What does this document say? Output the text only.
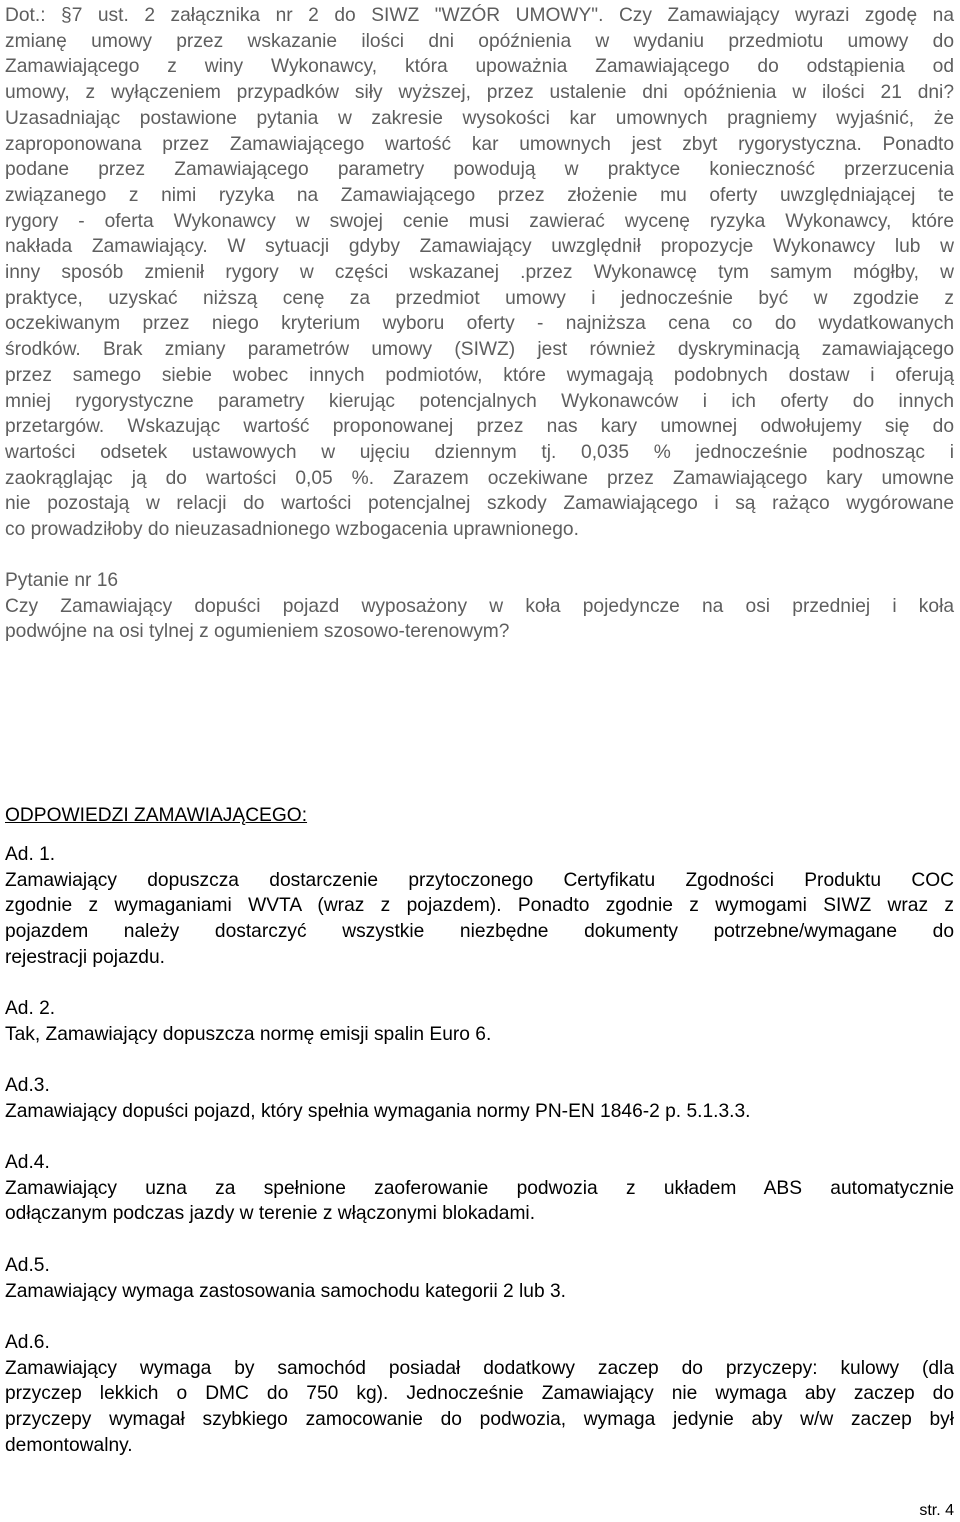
Dot.: §7 ust. 2 załącznika nr 2 do SIWZ "WZÓR UMOWY". Czy Zamawiający wyrazi zgodę na
zmianę umowy przez wskazanie ilości dni opóźnienia w wydaniu przedmiotu umowy do
Zamawiającego z winy Wykonawcy, która upoważnia Zamawiającego do odstąpienia od
umowy, z wyłączeniem przypadków siły wyższej, przez ustalenie dni opóźnienia w ilości 21 dni?
Uzasadniając postawione pytania w zakresie wysokości kar umownych pragniemy wyjaśnić, że
zaproponowana przez Zamawiającego wartość kar umownych jest zbyt rygorystyczna. Ponadto
podane przez Zamawiającego parametry powodują w praktyce konieczność przerzucenia
związanego z nimi ryzyka na Zamawiającego przez złożenie mu oferty uwzględniającej te
rygory - oferta Wykonawcy w swojej cenie musi zawierać wycenę ryzyka Wykonawcy, które
nakłada Zamawiający. W sytuacji gdyby Zamawiający uwzględnił propozycje Wykonawcy lub w
inny sposób zmienił rygory w części wskazanej .przez Wykonawcę tym samym mógłby, w
praktyce, uzyskać niższą cenę za przedmiot umowy i jednocześnie być w zgodzie z
oczekiwanym przez niego kryterium wyboru oferty - najniższa cena co do wydatkowanych
środków. Brak zmiany parametrów umowy (SIWZ) jest również dyskryminacją zamawiającego
przez samego siebie wobec innych podmiotów, które wymagają podobnych dostaw i oferują
mniej rygorystyczne parametry kierując potencjalnych Wykonawców i ich oferty do innych
przetargów. Wskazując wartość proponowanej przez nas kary umownej odwołujemy się do
wartości odsetek ustawowych w ujęciu dziennym tj. 0,035 % jednocześnie podnosząc i
zaokrąglając ją do wartości 0,05 %. Zarazem oczekiwane przez Zamawiającego kary umowne
nie pozostają w relacji do wartości potencjalnej szkody Zamawiającego i są rażąco wygórowane
co prowadziłoby do nieuzasadnionego wzbogacenia uprawnionego.
Pytanie nr 16
Czy Zamawiający dopuści pojazd wyposażony w koła pojedyncze na osi przedniej i koła
podwójne na osi tylnej z ogumieniem szosowo-terenowym?
ODPOWIEDZI ZAMAWIAJĄCEGO:
Ad. 1.
Zamawiający dopuszcza dostarczenie przytoczonego Certyfikatu Zgodności Produktu COC
zgodnie z wymaganiami WVTA (wraz z pojazdem). Ponadto zgodnie z wymogami SIWZ wraz z
pojazdem należy dostarczyć wszystkie niezbędne dokumenty potrzebne/wymagane do
rejestracji pojazdu.
Ad. 2.
Tak, Zamawiający dopuszcza normę emisji spalin Euro 6.
Ad.3.
Zamawiający dopuści pojazd, który spełnia wymagania normy PN-EN 1846-2 p. 5.1.3.3.
Ad.4.
Zamawiający uzna za spełnione zaoferowanie podwozia z układem ABS automatycznie
odłączanym podczas jazdy w terenie z włączonymi blokadami.
Ad.5.
Zamawiający wymaga zastosowania samochodu kategorii 2 lub 3.
Ad.6.
Zamawiający wymaga by samochód posiadał dodatkowy zaczep do przyczepy: kulowy (dla
przyczep lekkich o DMC do 750 kg). Jednocześnie Zamawiający nie wymaga aby zaczep do
przyczepy wymagał szybkiego zamocowanie do podwozia, wymaga jedynie aby w/w zaczep był
demontowalny.
str. 4
